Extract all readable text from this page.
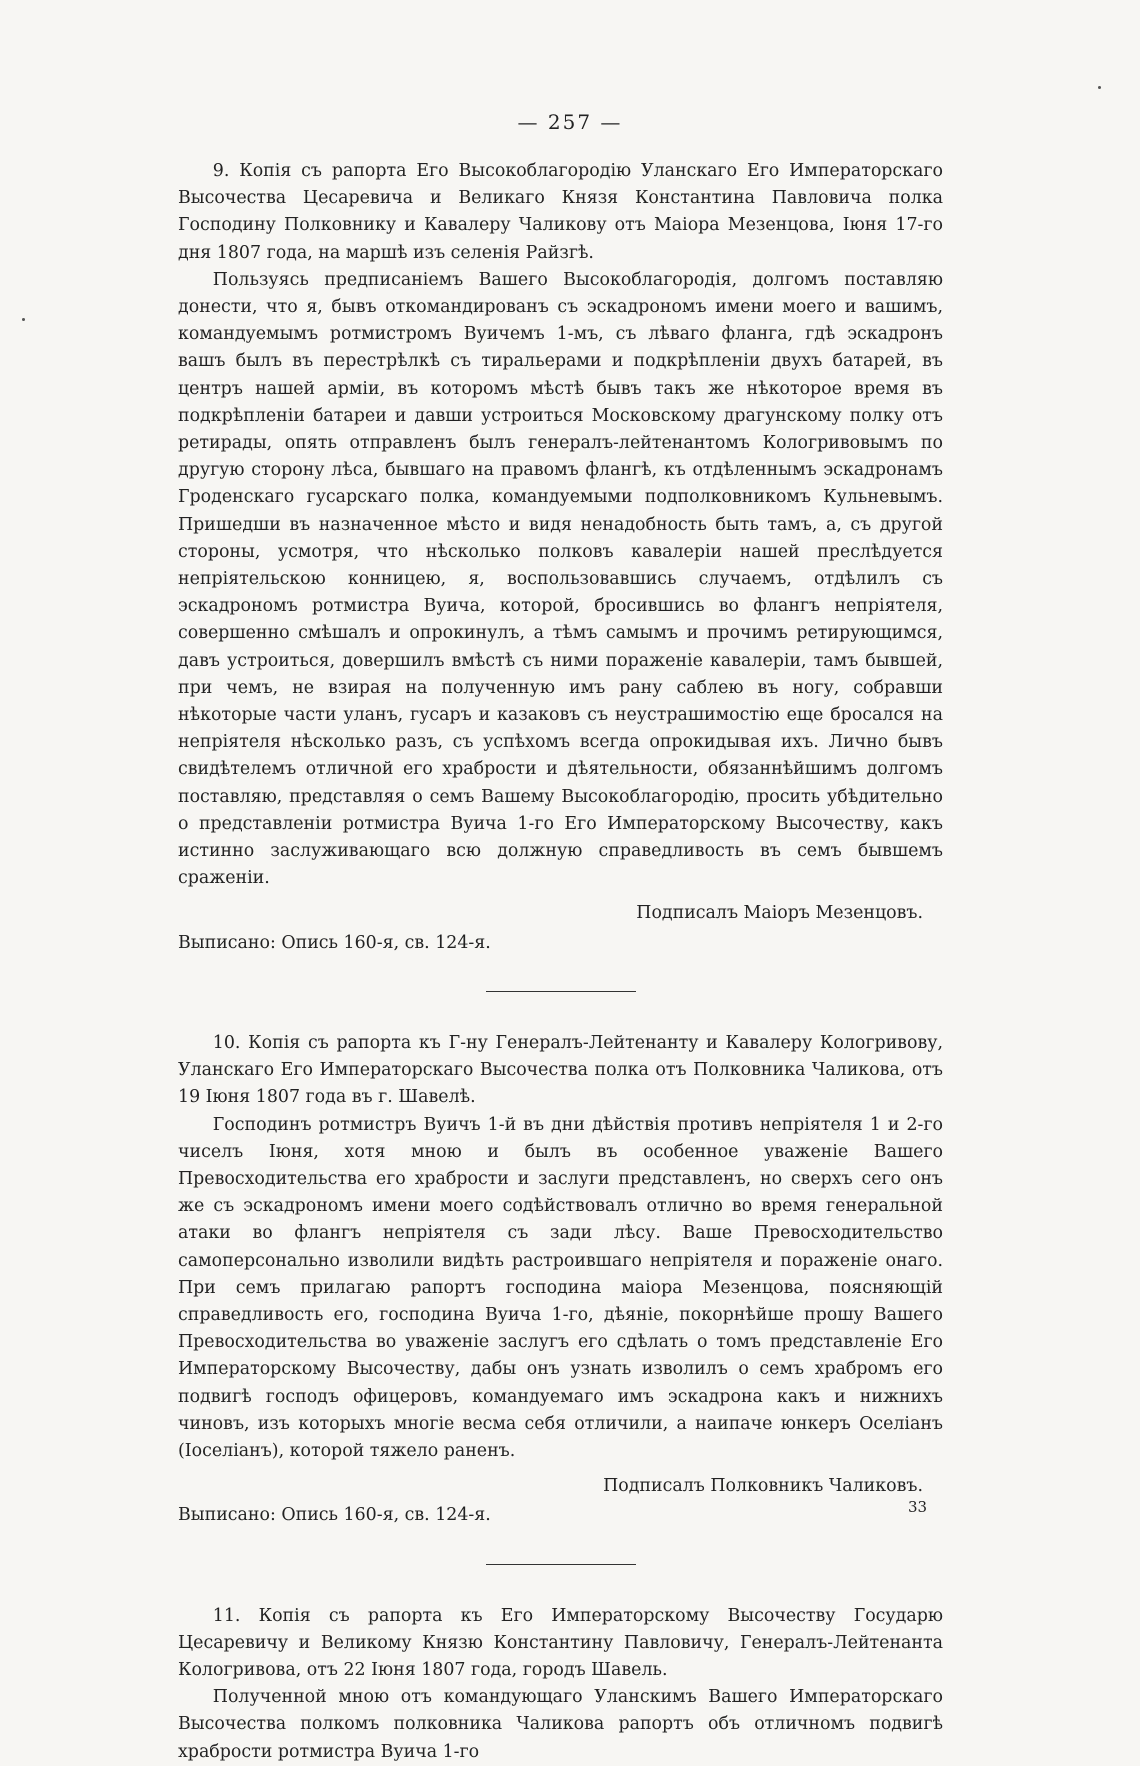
— 257 —

9. Копія съ рапорта Его Высокоблагородію Уланскаго Его Императорскаго Высочества Цесаревича и Великаго Князя Константина Павловича полка Господину Полковнику и Кавалеру Чаликову отъ Маіора Мезенцова, Іюня 17-го дня 1807 года, на маршѣ изъ селенія Райзгѣ.

Пользуясь предписаніемъ Вашего Высокоблагородія, долгомъ поставляю донести, что я, бывъ откомандированъ съ эскадрономъ имени моего и вашимъ, командуемымъ ротмистромъ Вуичемъ 1-мъ, съ лѣваго фланга, гдѣ эскадронъ вашъ былъ въ перестрѣлкѣ съ тиральерами и подкрѣпленіи двухъ батарей, въ центръ нашей арміи, въ которомъ мѣстѣ бывъ такъ же нѣкоторое время въ подкрѣпленіи батареи и давши устроиться Московскому драгунскому полку отъ ретирады, опять отправленъ былъ генералъ-лейтенантомъ Кологривовымъ по другую сторону лѣса, бывшаго на правомъ флангѣ, къ отдѣленнымъ эскадронамъ Гроденскаго гусарскаго полка, командуемыми подполковникомъ Кульневымъ. Пришедши въ назначенное мѣсто и видя ненадобность быть тамъ, а, съ другой стороны, усмотря, что нѣсколько полковъ кавалеріи нашей преслѣдуется непріятельскою конницею, я, воспользовавшись случаемъ, отдѣлилъ съ эскадрономъ ротмистра Вуича, которой, бросившись во флангъ непріятеля, совершенно смѣшалъ и опрокинулъ, а тѣмъ самымъ и прочимъ ретирующимся, давъ устроиться, довершилъ вмѣстѣ съ ними пораженіе кавалеріи, тамъ бывшей, при чемъ, не взирая на полученную имъ рану саблею въ ногу, собравши нѣкоторые части уланъ, гусаръ и казаковъ съ неустрашимостію еще бросался на непріятеля нѣсколько разъ, съ успѣхомъ всегда опрокидывая ихъ. Лично бывъ свидѣтелемъ отличной его храбрости и дѣятельности, обязаннѣйшимъ долгомъ поставляю, представляя о семъ Вашему Высокоблагородію, просить убѣдительно о представленіи ротмистра Вуича 1-го Его Императорскому Высочеству, какъ истинно заслуживающаго всю должную справедливость въ семъ бывшемъ сраженіи.

Подписалъ Маіоръ Мезенцовъ.

Выписано: Опись 160-я, св. 124-я.

10. Копія съ рапорта къ Г-ну Генералъ-Лейтенанту и Кавалеру Кологривову, Уланскаго Его Императорскаго Высочества полка отъ Полковника Чаликова, отъ 19 Іюня 1807 года въ г. Шавелѣ.

Господинъ ротмистръ Вуичъ 1-й въ дни дѣйствія противъ непріятеля 1 и 2-го чиселъ Іюня, хотя мною и былъ въ особенное уваженіе Вашего Превосходительства его храбрости и заслуги представленъ, но сверхъ сего онъ же съ эскадрономъ имени моего содѣйствовалъ отлично во время генеральной атаки во флангъ непріятеля съ зади лѣсу. Ваше Превосходительство самоперсонально изволили видѣть растроившаго непріятеля и пораженіе онаго. При семъ прилагаю рапортъ господина маіора Мезенцова, поясняющій справедливость его, господина Вуича 1-го, дѣяніе, покорнѣйше прошу Вашего Превосходительства во уваженіе заслугъ его сдѣлать о томъ представленіе Его Императорскому Высочеству, дабы онъ узнать изволилъ о семъ храбромъ его подвигѣ господъ офицеровъ, командуемаго имъ эскадрона какъ и нижнихъ чиновъ, изъ которыхъ многіе весма себя отличили, а наипаче юнкеръ Оселіанъ (Іоселіанъ), которой тяжело раненъ.

Подписалъ Полковникъ Чаликовъ.

Выписано: Опись 160-я, св. 124-я.

11. Копія съ рапорта къ Его Императорскому Высочеству Государю Цесаревичу и Великому Князю Константину Павловичу, Генералъ-Лейтенанта Кологривова, отъ 22 Іюня 1807 года, городъ Шавель.

Полученной мною отъ командующаго Уланскимъ Вашего Императорскаго Высочества полкомъ полковника Чаликова рапортъ объ отличномъ подвигѣ храбрости ротмистра Вуича 1-го

33
